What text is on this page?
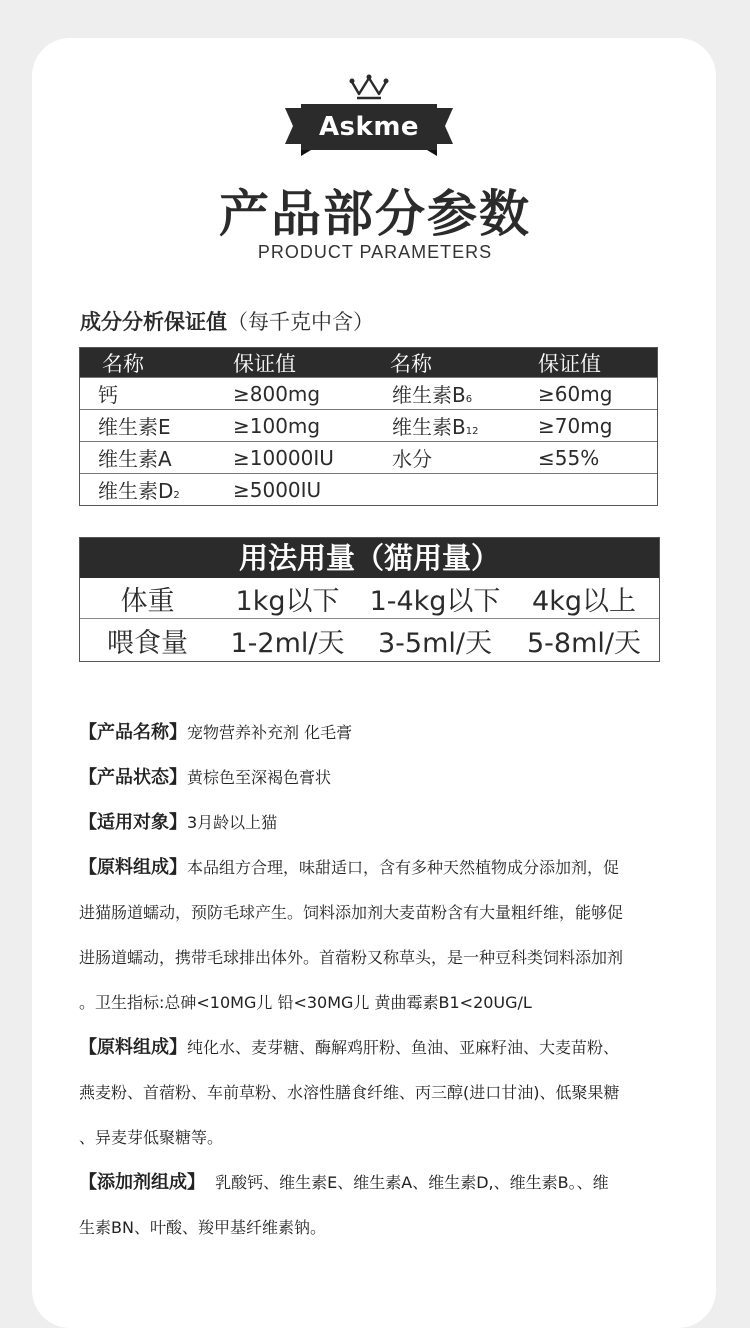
Askme
产品部分参数
PRODUCT PARAMETERS
成分分析保证值（每千克中含）
名称	保证值	名称	保证值
钙	≥800mg	维生素B6	≥60mg
维生素E	≥100mg	维生素B12	≥70mg
维生素A	≥10000IU	水分	≤55%
维生素D2	≥5000IU
用法用量（猫用量）
体重	1kg以下	1-4kg以下	4kg以上
喂食量	1-2ml/天	3-5ml/天	5-8ml/天

【产品名称】宠物营养补充剂 化毛膏

【产品状态】黄棕色至深褐色膏状

【适用对象】3月龄以上猫

【原料组成】本品组方合理，味甜适口，含有多种天然植物成分添加剂，促

进猫肠道蠕动，预防毛球产生。饲料添加剂大麦苗粉含有大量粗纤维，能够促

进肠道蠕动，携带毛球排出体外。首蓿粉又称草头，是一种豆科类饲料添加剂

。卫生指标:总砷<10MG儿 铅<30MG儿 黄曲霉素B1<20UG/L

【原料组成】纯化水、麦芽糖、酶解鸡肝粉、鱼油、亚麻籽油、大麦苗粉、

燕麦粉、首蓿粉、车前草粉、水溶性膳食纤维、丙三醇(进口甘油)、低聚果糖

、异麦芽低聚糖等。

【添加剂组成】  乳酸钙、维生素E、维生素A、维生素D,、维生素B。、维

生素BN、叶酸、羧甲基纤维素钠。
